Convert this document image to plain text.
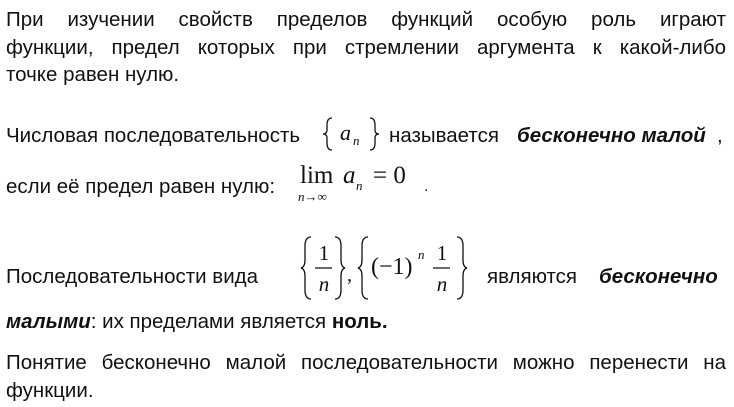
При изучении свойств пределов функций особую роль играют
функции, предел которых при стремлении аргумента к какой-либо
точке равен нулю.
Числовая последовательность a n называется бесконечно малой ,
если её предел равен нулю: lim
n→∞
a n = 0 .
Последовательности вида
1
n , (−1) n 1
n являются бесконечно
малыми: их пределами является ноль.
Понятие бесконечно малой последовательности можно перенести на
функции.
